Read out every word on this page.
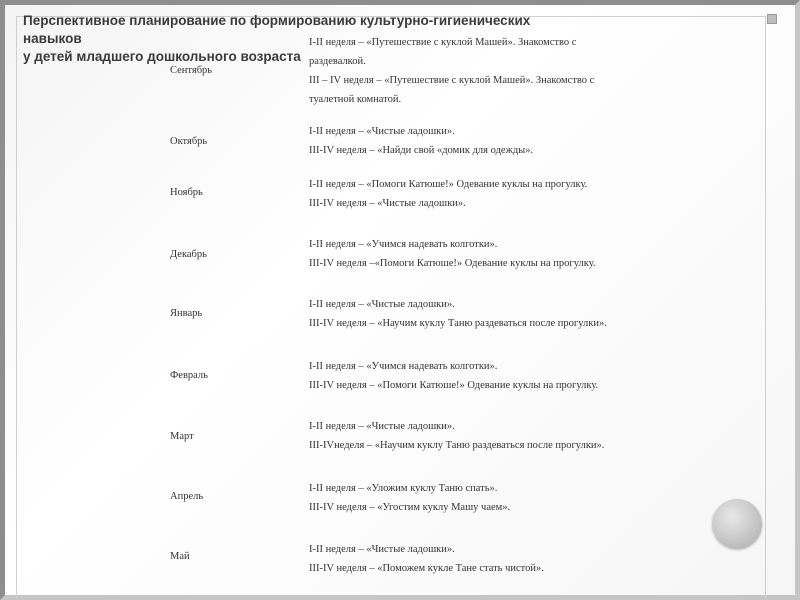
Перспективное планирование по формированию культурно-гигиенических
навыков
у детей младшего дошкольного возраста
Сентябрь
I-II неделя – «Путешествие с куклой Машей». Знакомство с
раздевалкой.
III – IV неделя – «Путешествие с куклой Машей». Знакомство с
туалетной комнатой.
Октябрь
I-II неделя – «Чистые ладошки».
III-IV неделя – «Найди свой «домик для одежды».
Ноябрь
I-II неделя – «Помоги Катюше!» Одевание куклы на прогулку.
III-IV неделя – «Чистые ладошки».
Декабрь
I-II неделя – «Учимся надевать колготки».
III-IV неделя –«Помоги Катюше!» Одевание куклы на прогулку.
Январь
I-II неделя – «Чистые ладошки».
III-IV неделя – «Научим куклу Таню раздеваться после прогулки».
Февраль
I-II неделя – «Учимся надевать колготки».
III-IV неделя – «Помоги Катюше!» Одевание куклы на прогулку.
Март
I-II неделя – «Чистые ладошки».
III-IVнеделя – «Научим куклу Таню раздеваться после прогулки».
Апрель
I-II неделя – «Уложим куклу Таню спать».
III-IV неделя – «Угостим куклу Машу чаем».
Май
I-II неделя – «Чистые ладошки».
III-IV неделя – «Поможем кукле Тане стать чистой».
